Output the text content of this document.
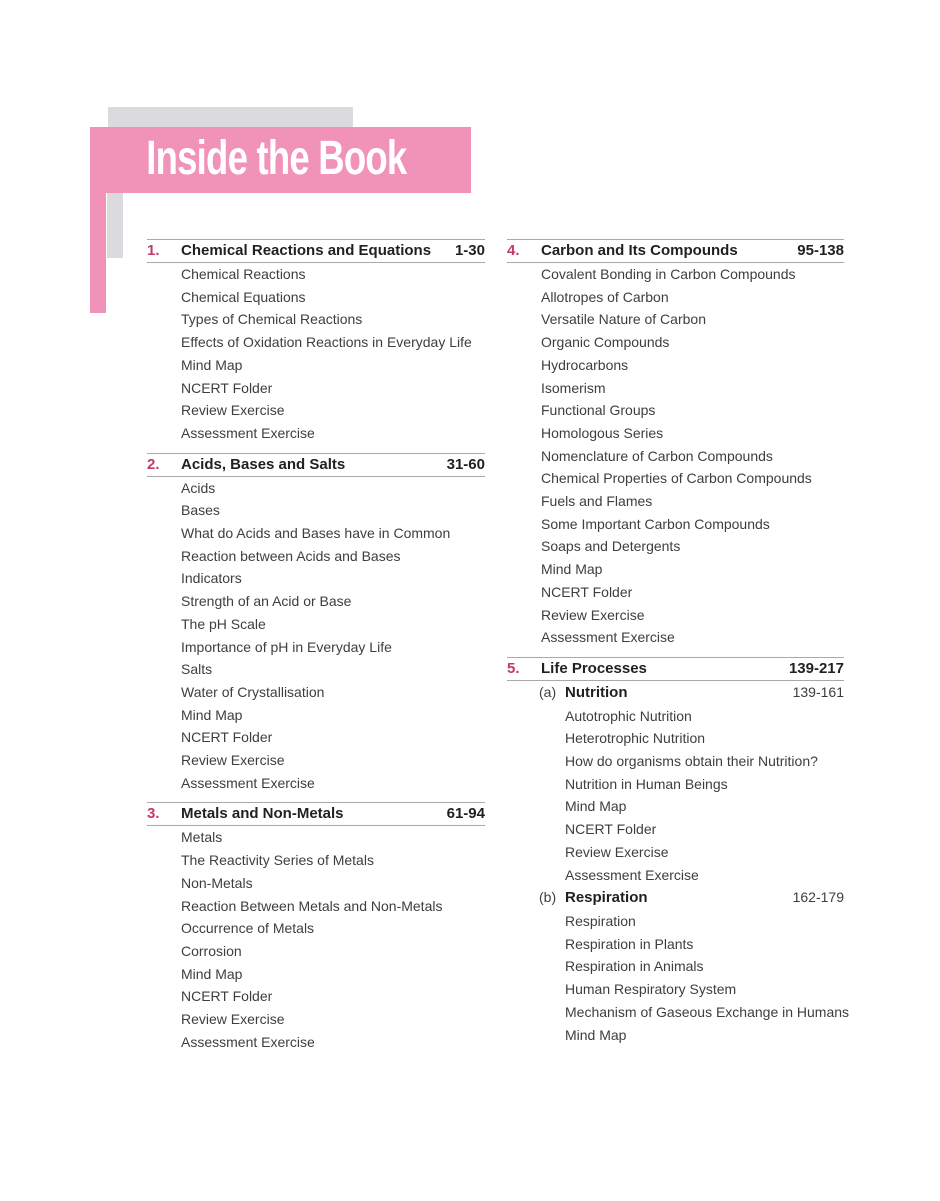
Inside the Book
1.	Chemical Reactions and Equations	1-30
Chemical Reactions
Chemical Equations
Types of Chemical Reactions
Effects of Oxidation Reactions in Everyday Life
Mind Map
NCERT Folder
Review Exercise
Assessment Exercise
2.	Acids, Bases and Salts	31-60
Acids
Bases
What do Acids and Bases have in Common
Reaction between Acids and Bases
Indicators
Strength of an Acid or Base
The pH Scale
Importance of pH in Everyday Life
Salts
Water of Crystallisation
Mind Map
NCERT Folder
Review Exercise
Assessment Exercise
3.	Metals and Non-Metals	61-94
Metals
The Reactivity Series of Metals
Non-Metals
Reaction Between Metals and Non-Metals
Occurrence of Metals
Corrosion
Mind Map
NCERT Folder
Review Exercise
Assessment Exercise
4.	Carbon and Its Compounds	95-138
Covalent Bonding in Carbon Compounds
Allotropes of Carbon
Versatile Nature of Carbon
Organic Compounds
Hydrocarbons
Isomerism
Functional Groups
Homologous Series
Nomenclature of Carbon Compounds
Chemical Properties of Carbon Compounds
Fuels and Flames
Some Important Carbon Compounds
Soaps and Detergents
Mind Map
NCERT Folder
Review Exercise
Assessment Exercise
5.	Life Processes	139-217
(a) Nutrition	139-161
Autotrophic Nutrition
Heterotrophic Nutrition
How do organisms obtain their Nutrition?
Nutrition in Human Beings
Mind Map
NCERT Folder
Review Exercise
Assessment Exercise
(b) Respiration	162-179
Respiration
Respiration in Plants
Respiration in Animals
Human Respiratory System
Mechanism of Gaseous Exchange in Humans
Mind Map
